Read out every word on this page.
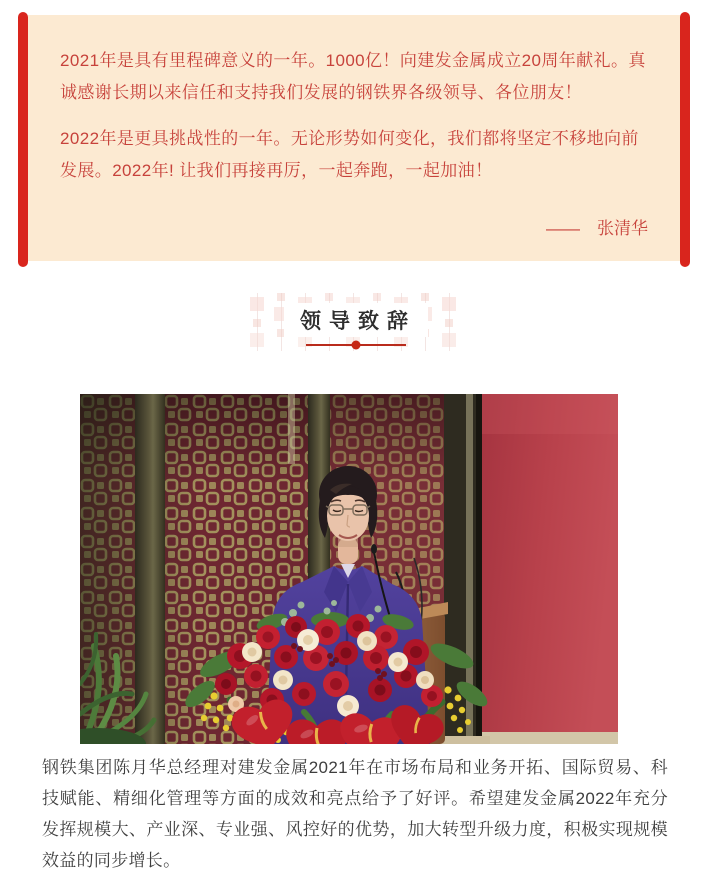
2021年是具有里程碑意义的一年。1000亿！向建发金属成立20周年献礼。真诚感谢长期以来信任和支持我们发展的钢铁界各级领导、各位朋友！

2022年是更具挑战性的一年。无论形势如何变化，我们都将坚定不移地向前发展。2022年! 让我们再接再厉，一起奔跑，一起加油！

——　张清华
领导致辞

钢铁集团陈月华总经理对建发金属2021年在市场布局和业务开拓、国际贸易、科技赋能、精细化管理等方面的成效和亮点给予了好评。希望建发金属2022年充分发挥规模大、产业深、专业强、风控好的优势，加大转型升级力度，积极实现规模效益的同步增长。
